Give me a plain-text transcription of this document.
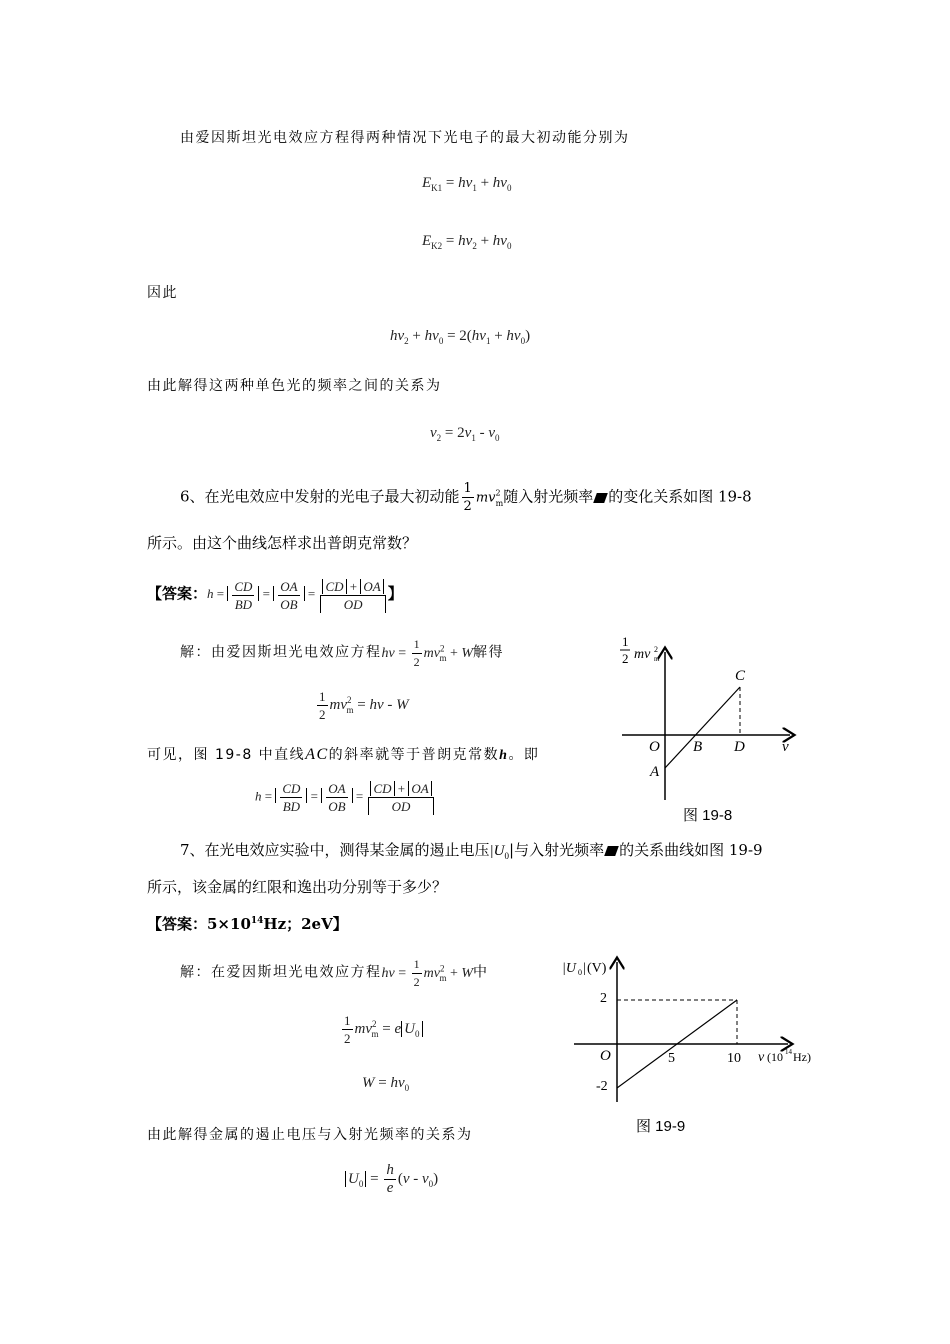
由爱因斯坦光电效应方程得两种情况下光电子的最大初动能分别为
$E_{K1} = h\nu_1 + h\nu_0$
$E_{K2} = h\nu_2 + h\nu_0$
因此
$h\nu_2 + h\nu_0 = 2(h\nu_1 + h\nu_0)$
由此解得这两种单色光的频率之间的关系为
$\nu_2 = 2\nu_1 - \nu_0$
6、在光电效应中发射的光电子最大初动能 $\frac{1}{2} mv^2_m$随入射光频率 的变化关系如图 19-8
所示。由这个曲线怎样求出普朗克常数？
【答案：$h = \frac{CD}{BD} = \frac{OA}{OB} = \frac{CD + OA}{OD}$ 】
解：由爱因斯坦光电效应方程$h\nu = \frac{1}{2} mv^2_m + W$解得
$\frac{1}{2} mv^2_m = h\nu - W$
可见，图 19-8 中直线AC的斜率就等于普朗克常数h。即
$h = \frac{CD}{BD} = \frac{OA}{OB} = \frac{CD + OA}{OD}$
1
2 mv 2
m
O
A
B
C
D ν
图 19-8
7、在光电效应实验中，测得某金属的遏止电压$|U_0|$与入射光频率 的关系曲线如图 19-9
所示，该金属的红限和逸出功分别等于多少？
【答案：$5\times 10^{14}Hz$；2eV】
解：在爱因斯坦光电效应方程$h\nu = \frac{1}{2} mv^2_m + W$中
$\frac{1}{2} mv^2_m = e$ $U_0$
$W = h\nu_0$
由此解得金属的遏止电压与入射光频率的关系为
$U_0 = \frac{h}{e} (\nu - \nu_0)$
|U 0 | (V)
2
-2
5	10
O	ν (10 14 Hz)
图 19-9
